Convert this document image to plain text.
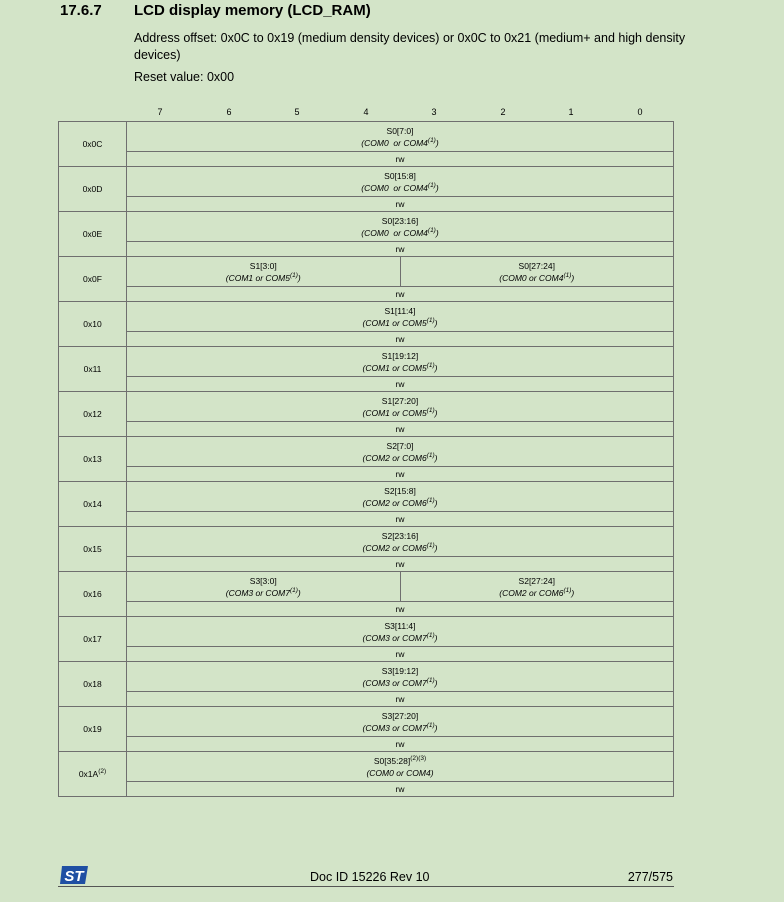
17.6.7 LCD display memory (LCD_RAM)
Address offset: 0x0C to 0x19 (medium density devices) or 0x0C to 0x21 (medium+ and high density devices)
Reset value: 0x00
7	6	5	4	3	2	1	0
0x0C	S0[7:0]
(COM0  or COM4$^{(1)}$)	

	rw	
0x0D	S0[15:8]
(COM0  or COM4$^{(1)}$)	

	rw	
0x0E	S0[23:16]
(COM0  or COM4$^{(1)}$)	

	rw	
0x0F	S1[3:0]
(COM1 or COM5$^{(1)}$)	S0[27:24]
(COM0 or COM4$^{(1)}$)

	rw	
0x10	S1[11:4]
(COM1 or COM5$^{(1)}$)	

	rw	
0x11	S1[19:12]
(COM1 or COM5$^{(1)}$)	

	rw	
0x12	S1[27:20]
(COM1 or COM5$^{(1)}$)	

	rw	
0x13	S2[7:0]
(COM2 or COM6$^{(1)}$)	

	rw	
0x14	S2[15:8]
(COM2 or COM6$^{(1)}$)	

	rw	
0x15	S2[23:16]
(COM2 or COM6$^{(1)}$)	

	rw	
0x16	S3[3:0]
(COM3 or COM7$^{(1)}$)	S2[27:24]
(COM2 or COM6$^{(1)}$)

	rw	
0x17	S3[11:4]
(COM3 or COM7$^{(1)}$)	

	rw	
0x18	S3[19:12]
(COM3 or COM7$^{(1)}$)	

	rw	
0x19	S3[27:20]
(COM3 or COM7$^{(1)}$)	

	rw	
$0x1A^{(2)}$	S0[35:28]$^{(2)(3)}$
(COM0 or COM4)	

	rw	
ST	Doc ID 15226 Rev 10	277/575
